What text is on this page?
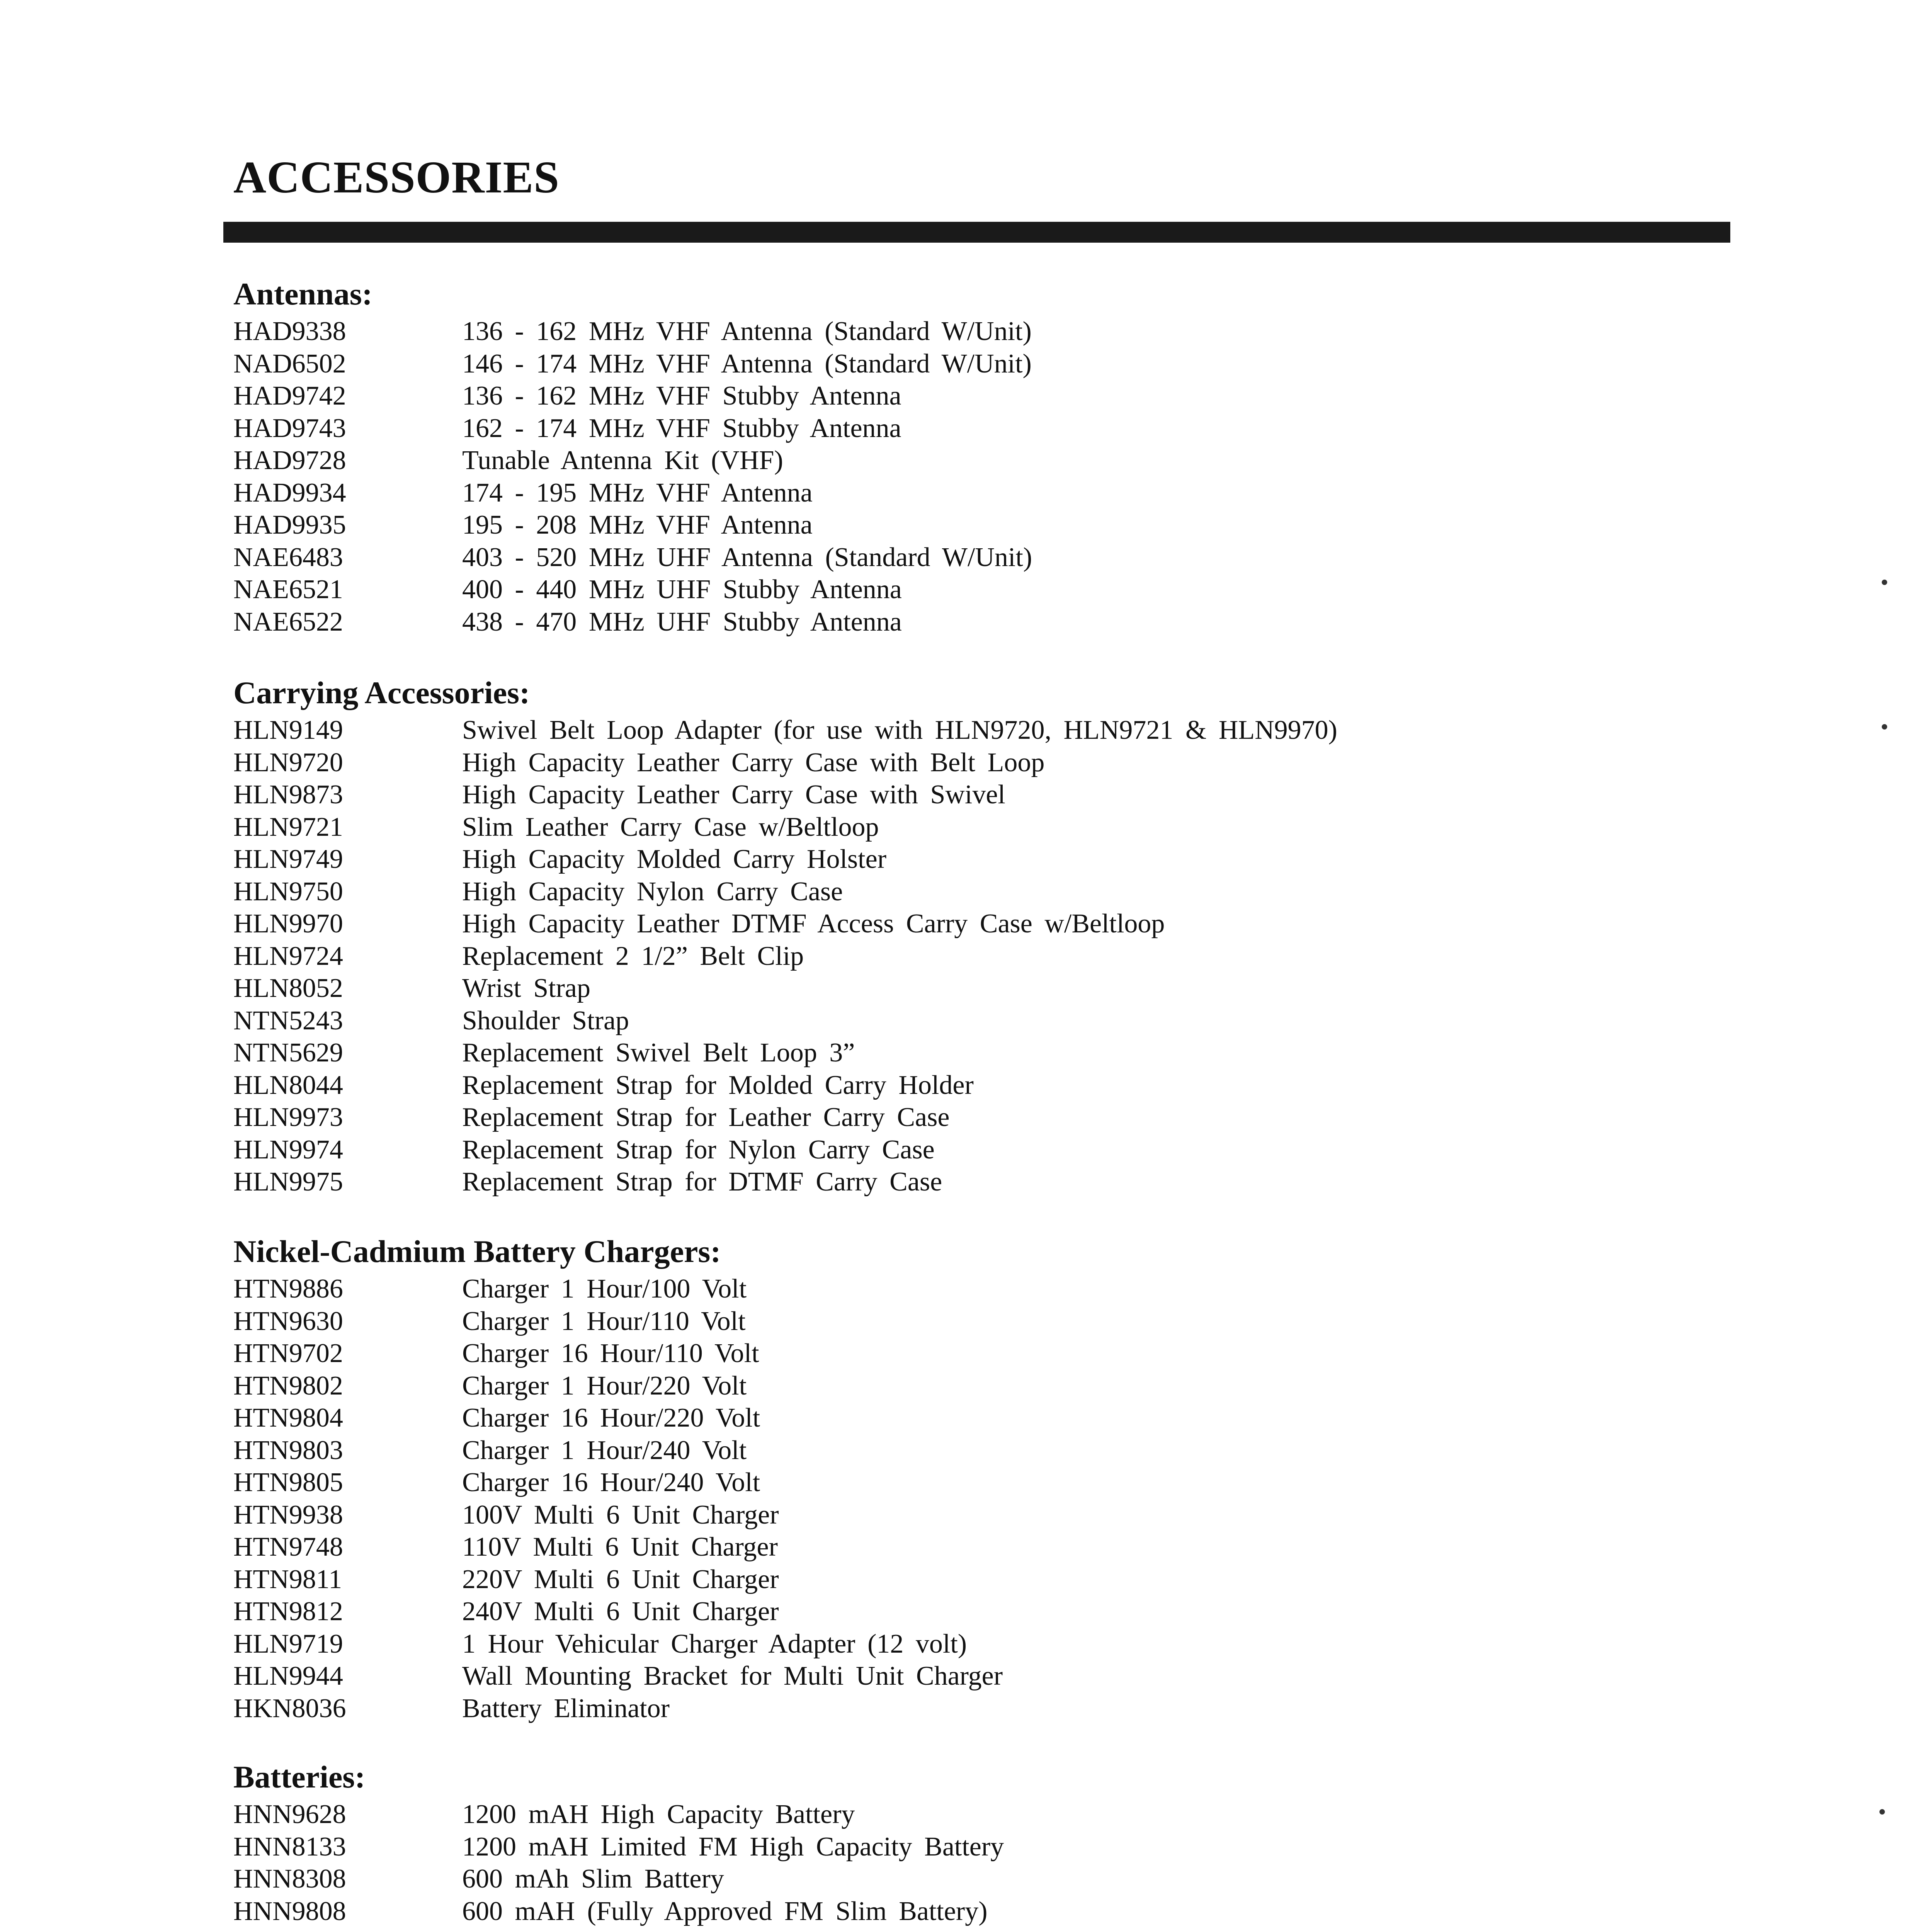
ACCESSORIES
Antennas:
HAD9338	136 - 162 MHz VHF Antenna (Standard W/Unit)
NAD6502	146 - 174 MHz VHF Antenna (Standard W/Unit)
HAD9742	136 - 162 MHz VHF Stubby Antenna
HAD9743	162 - 174 MHz VHF Stubby Antenna
HAD9728	Tunable Antenna Kit (VHF)
HAD9934	174 - 195 MHz VHF Antenna
HAD9935	195 - 208 MHz VHF Antenna
NAE6483	403 - 520 MHz UHF Antenna (Standard W/Unit)
NAE6521	400 - 440 MHz UHF Stubby Antenna
NAE6522	438 - 470 MHz UHF Stubby Antenna
Carrying Accessories:
HLN9149	Swivel Belt Loop Adapter (for use with HLN9720, HLN9721 & HLN9970)
HLN9720	High Capacity Leather Carry Case with Belt Loop
HLN9873	High Capacity Leather Carry Case with Swivel
HLN9721	Slim Leather Carry Case w/Beltloop
HLN9749	High Capacity Molded Carry Holster
HLN9750	High Capacity Nylon Carry Case
HLN9970	High Capacity Leather DTMF Access Carry Case w/Beltloop
HLN9724	Replacement 2 1/2” Belt Clip
HLN8052	Wrist Strap
NTN5243	Shoulder Strap
NTN5629	Replacement Swivel Belt Loop 3”
HLN8044	Replacement Strap for Molded Carry Holder
HLN9973	Replacement Strap for Leather Carry Case
HLN9974	Replacement Strap for Nylon Carry Case
HLN9975	Replacement Strap for DTMF Carry Case
Nickel-Cadmium Battery Chargers:
HTN9886	Charger 1 Hour/100 Volt
HTN9630	Charger 1 Hour/110 Volt
HTN9702	Charger 16 Hour/110 Volt
HTN9802	Charger 1 Hour/220 Volt
HTN9804	Charger 16 Hour/220 Volt
HTN9803	Charger 1 Hour/240 Volt
HTN9805	Charger 16 Hour/240 Volt
HTN9938	100V Multi 6 Unit Charger
HTN9748	110V Multi 6 Unit Charger
HTN9811	220V Multi 6 Unit Charger
HTN9812	240V Multi 6 Unit Charger
HLN9719	1 Hour Vehicular Charger Adapter (12 volt)
HLN9944	Wall Mounting Bracket for Multi Unit Charger
HKN8036	Battery Eliminator
Batteries:
HNN9628	1200 mAH High Capacity Battery
HNN8133	1200 mAH Limited FM High Capacity Battery
HNN8308	600 mAh Slim Battery
HNN9808	600 mAH (Fully Approved FM Slim Battery)
